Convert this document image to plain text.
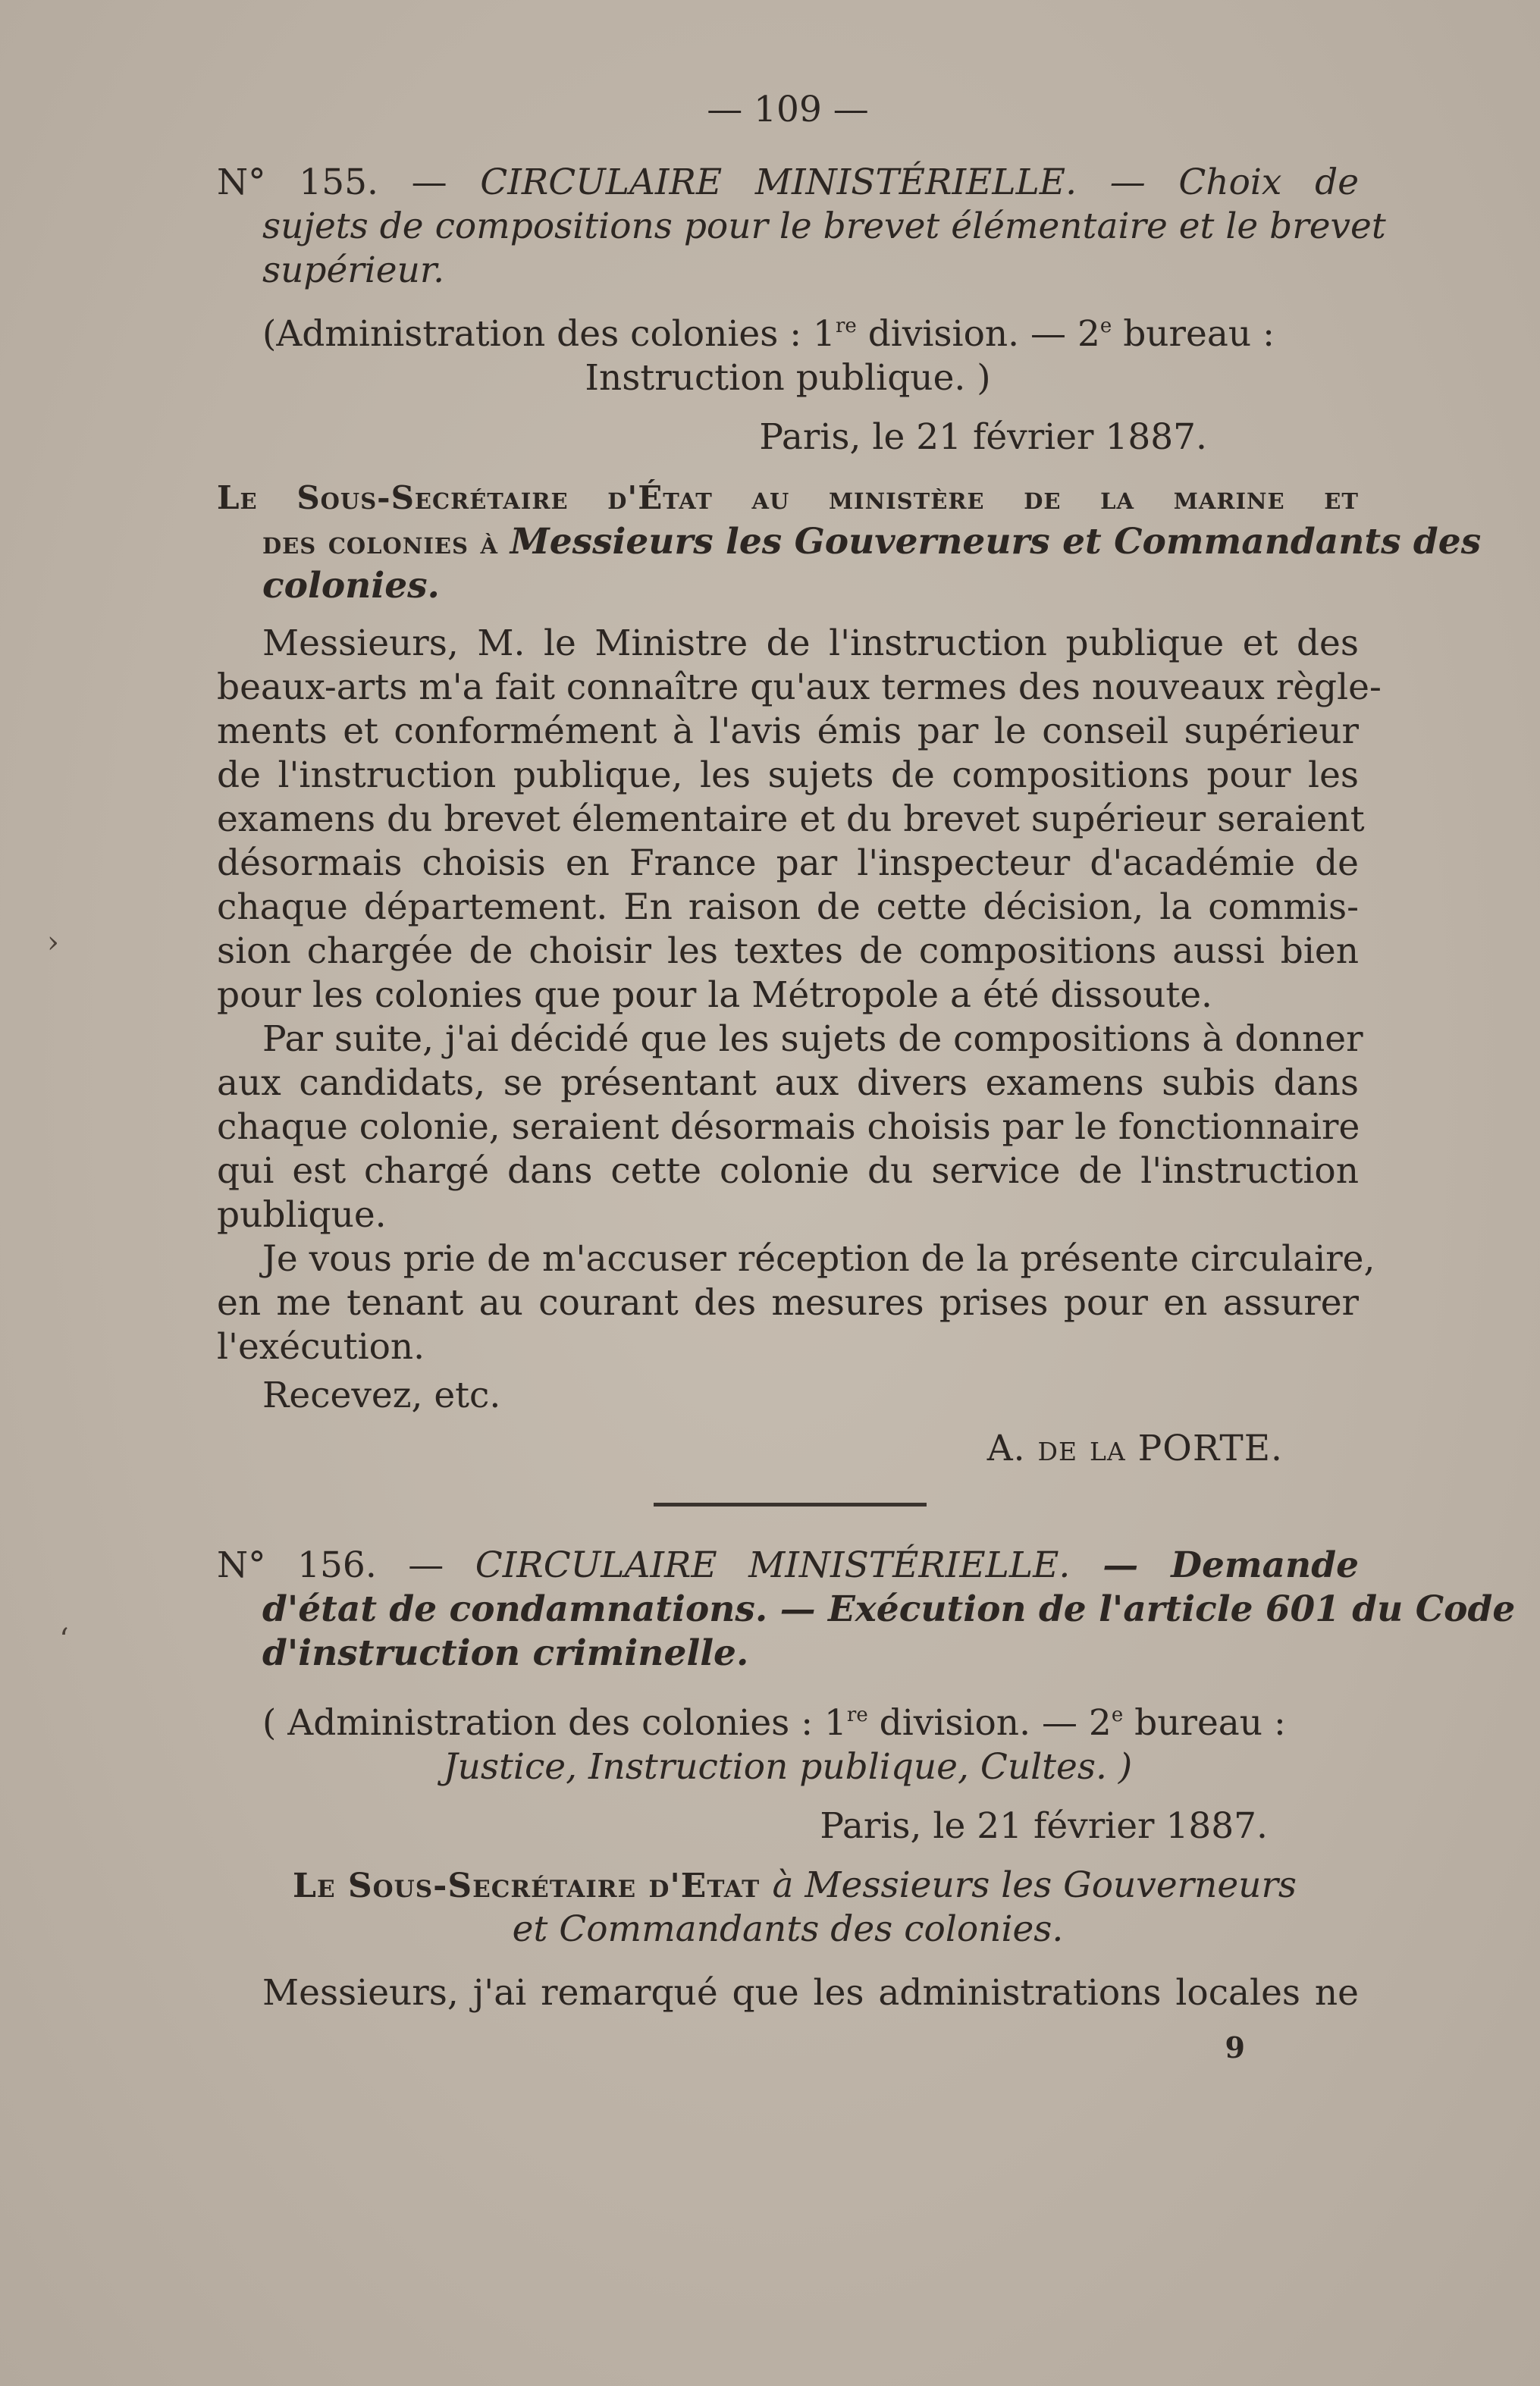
— 109 —
N° 155. — CIRCULAIRE MINISTÉRIELLE. — Choix de
sujets de compositions pour le brevet élémentaire et le brevet
supérieur.
(Administration des colonies : 1re division. — 2e bureau :
Instruction publique. )
Paris, le 21 février 1887.
Le Sous-Secrétaire d'État au ministère de la marine et
des colonies à Messieurs les Gouverneurs et Commandants des
colonies.
Messieurs, M. le Ministre de l'instruction publique et des
beaux-arts m'a fait connaître qu'aux termes des nouveaux règle-
ments et conformément à l'avis émis par le conseil supérieur
de l'instruction publique, les sujets de compositions pour les
examens du brevet élementaire et du brevet supérieur seraient
désormais choisis en France par l'inspecteur d'académie de
chaque département. En raison de cette décision, la commis-
sion chargée de choisir les textes de compositions aussi bien
pour les colonies que pour la Métropole a été dissoute.
Par suite, j'ai décidé que les sujets de compositions à donner
aux candidats, se présentant aux divers examens subis dans
chaque colonie, seraient désormais choisis par le fonctionnaire
qui est chargé dans cette colonie du service de l'instruction
publique.
Je vous prie de m'accuser réception de la présente circulaire,
en me tenant au courant des mesures prises pour en assurer
l'exécution.
Recevez, etc.
A. de la PORTE.
N° 156. — CIRCULAIRE MINISTÉRIELLE. — Demande
d'état de condamnations. — Exécution de l'article 601 du Code
d'instruction criminelle.
( Administration des colonies : 1re division. — 2e bureau :
Justice, Instruction publique, Cultes. )
Paris, le 21 février 1887.
Le Sous-Secrétaire d'Etat à Messieurs les Gouverneurs
et Commandants des colonies.
Messieurs, j'ai remarqué que les administrations locales ne
9
›
ʻ
